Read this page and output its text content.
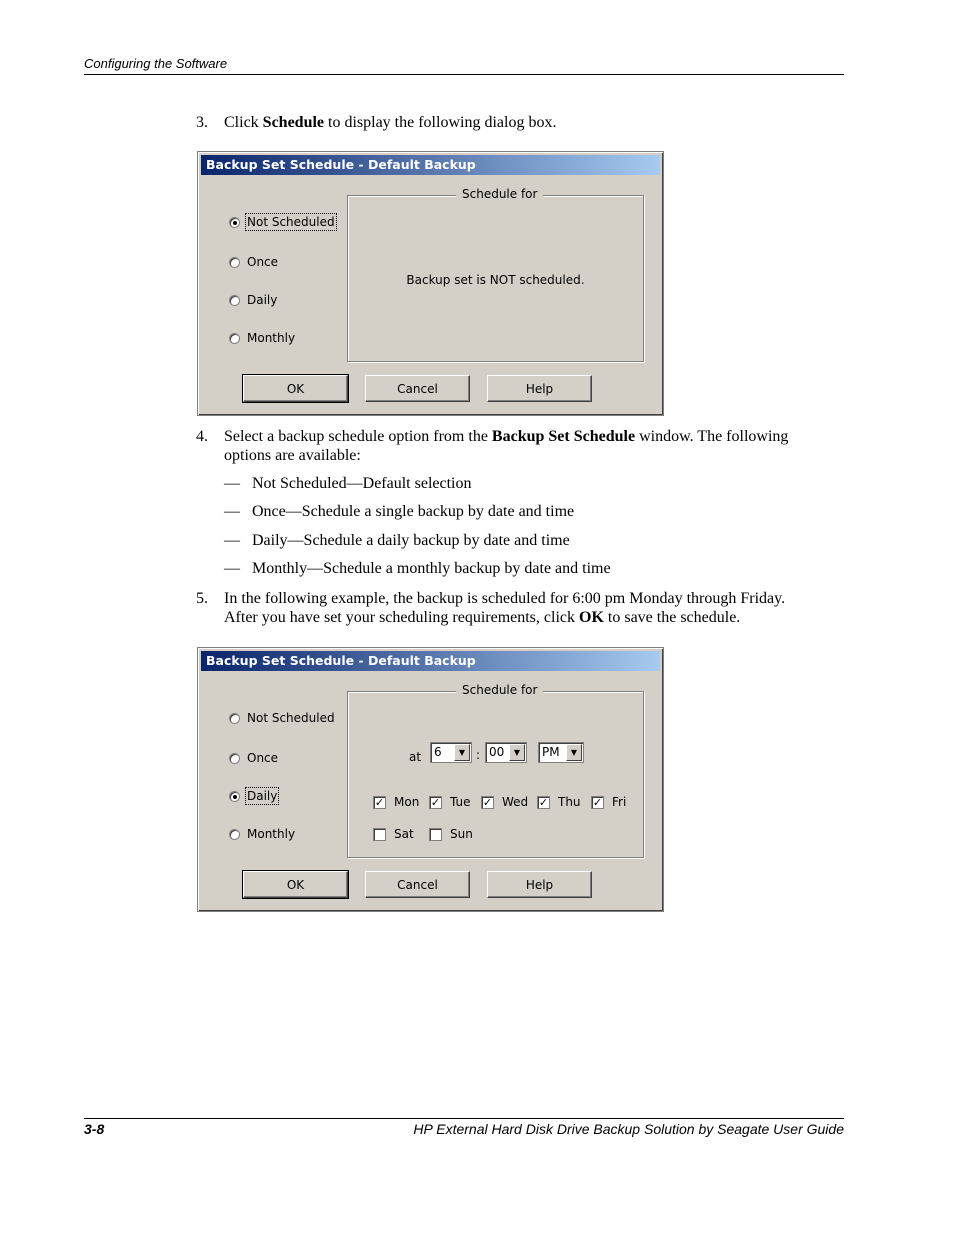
Configuring the Software
3. Click Schedule to display the following dialog box.
Backup Set Schedule - Default Backup
Not Scheduled
Once
Daily
Monthly
Schedule for
Backup set is NOT scheduled.
OK	Cancel	Help
4. Select a backup schedule option from the Backup Set Schedule window. The following
options are available:
— Not Scheduled—Default selection
— Once—Schedule a single backup by date and time
— Daily—Schedule a daily backup by date and time
— Monthly—Schedule a monthly backup by date and time
5. In the following example, the backup is scheduled for 6:00 pm Monday through Friday.
After you have set your scheduling requirements, click OK to save the schedule.
Backup Set Schedule - Default Backup
Not Scheduled
Once
Daily
Monthly
Schedule for
at 6	▼ : 00	▼	PM	▼
✓ Mon ✓ Tue ✓ Wed ✓ Thu ✓ Fri
Sat	Sun
OK	Cancel	Help
3-8	HP External Hard Disk Drive Backup Solution by Seagate User Guide
